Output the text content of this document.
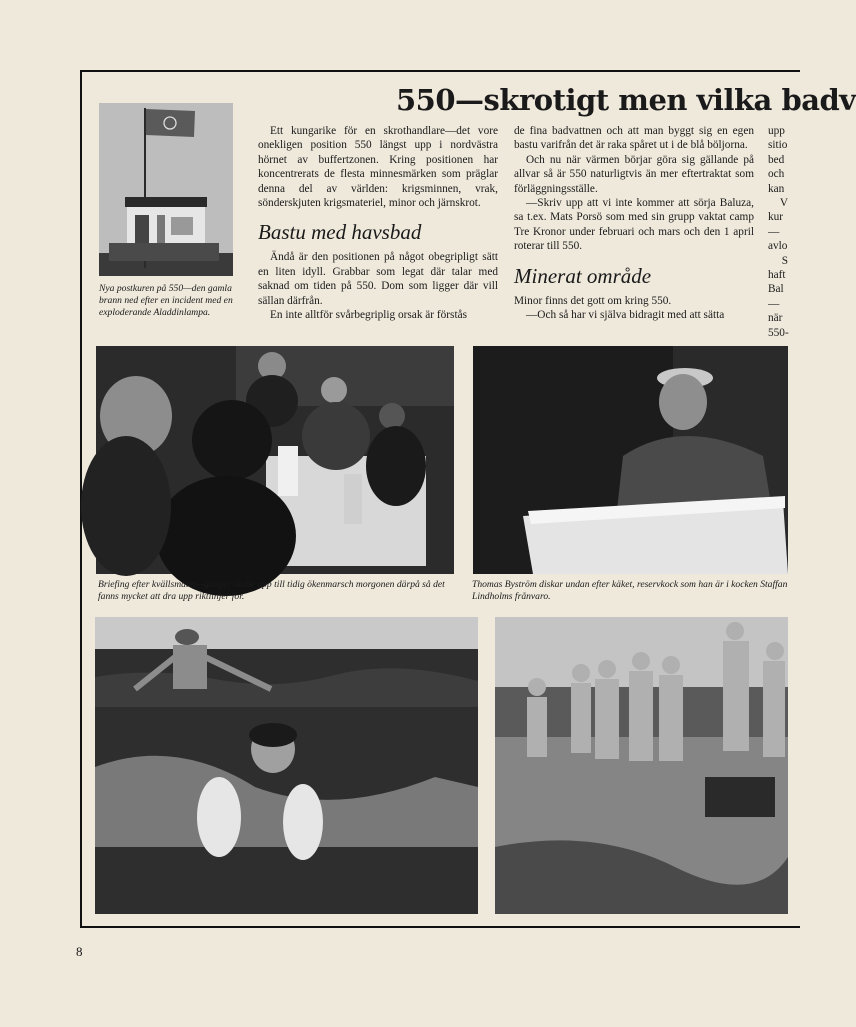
550—skrotigt men vilka badv
Nya postkuren på 550—den gamla brann ned efter en incident med en exploderande Aladdinlampa.

Ett kungarike för en skrothandlare—det vore onekligen position 550 längst upp i nordvästra hörnet av buffertzonen. Kring positionen har koncentrerats de flesta minnesmärken som präglar denna del av världen: krigsminnen, vrak, sönderskjuten krigsmateriel, minor och järnskrot.

Bastu med havsbad

Ändå är den positionen på något obegripligt sätt en liten idyll. Grabbar som legat där talar med saknad om tiden på 550. Dom som ligger där vill sällan därfrån.

En inte alltför svårbegriplig orsak är förstås

de fina badvattnen och att man byggt sig en egen bastu varifrån det är raka spåret ut i de blå böljorna.

Och nu när värmen börjar göra sig gällande på allvar så är 550 naturligtvis än mer eftertraktat som förläggningsställe.

—Skriv upp att vi inte kommer att sörja Baluza, sa t.ex. Mats Porsö som med sin grupp vaktat camp Tre Kronor under februari och mars och den 1 april roterar till 550.

Minerat område

Minor finns det gott om kring 550.

—Och så har vi själva bidragit med att sätta

upp
sitio
bed
och
kan
V
kur
—
avlo
S
haft
Bal
—
när
550-
Briefing efter kvällsmålet—gänget skulle upp till tidig ökenmarsch morgonen därpå så det fanns mycket att dra upp riktlinjer för.
Thomas Byström diskar undan efter käket, reservkock som han är i kocken Staffan Lindholms frånvaro.
8
